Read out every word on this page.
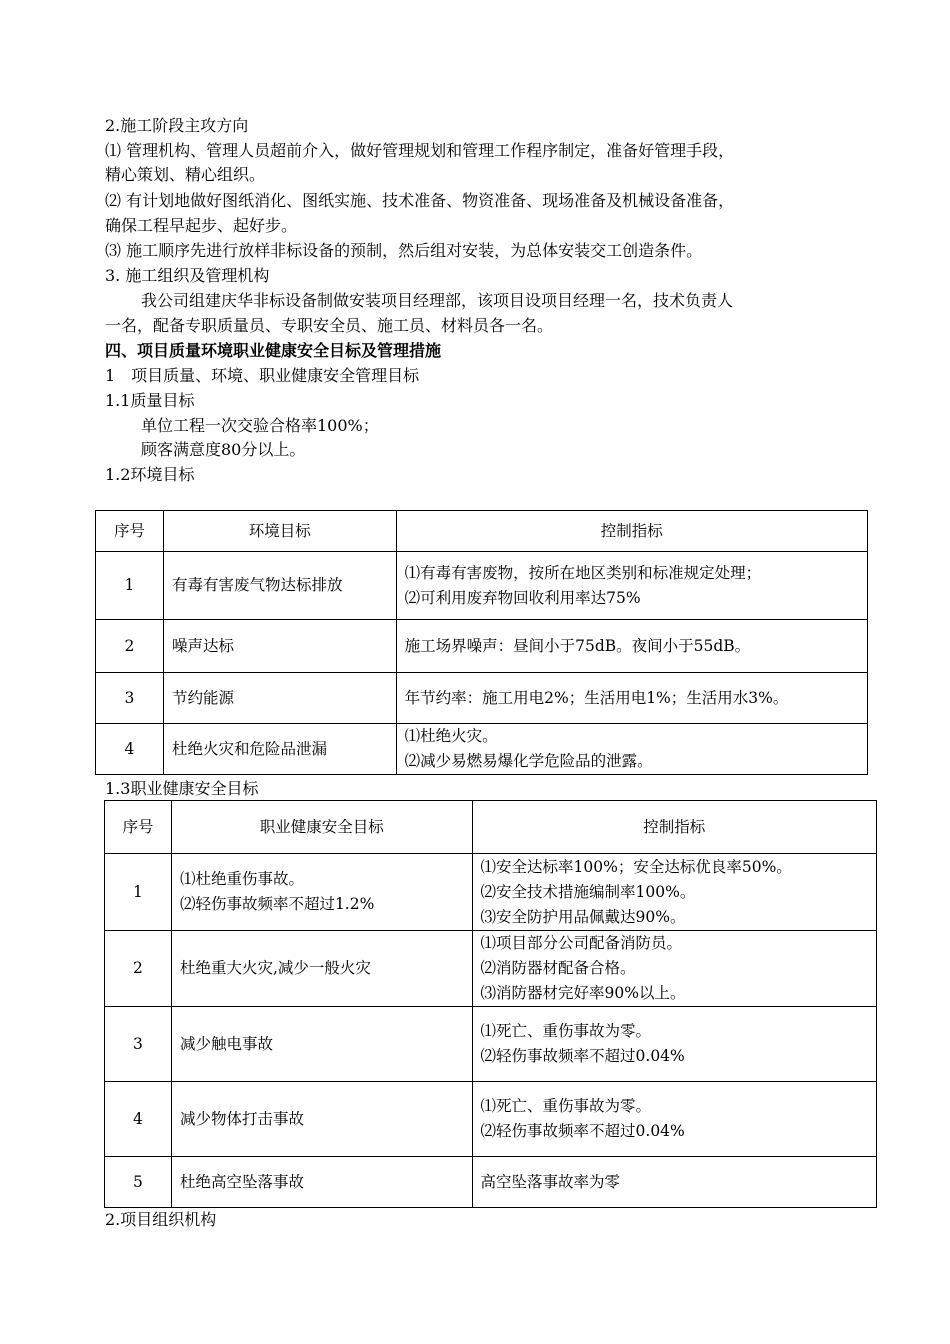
2.施工阶段主攻方向
⑴ 管理机构、管理人员超前介入，做好管理规划和管理工作程序制定，准备好管理手段，
精心策划、精心组织。
⑵ 有计划地做好图纸消化、图纸实施、技术准备、物资准备、现场准备及机械设备准备，
确保工程早起步、起好步。
⑶ 施工顺序先进行放样非标设备的预制，然后组对安装，为总体安装交工创造条件。
3. 施工组织及管理机构
我公司组建庆华非标设备制做安装项目经理部，该项目设项目经理一名，技术负责人
一名，配备专职质量员、专职安全员、施工员、材料员各一名。
四、项目质量环境职业健康安全目标及管理措施
1　项目质量、环境、职业健康安全管理目标
1.1质量目标
单位工程一次交验合格率100%；
顾客满意度80分以上。
1.2环境目标
序号	环境目标	控制指标
1	有毒有害废气物达标排放	⑴有毒有害废物，按所在地区类别和标准规定处理；
⑵可利用废弃物回收利用率达75%
2	噪声达标	施工场界噪声：昼间小于75dB。夜间小于55dB。
3	节约能源	年节约率：施工用电2%；生活用电1%；生活用水3%。
4	杜绝火灾和危险品泄漏	⑴杜绝火灾。
⑵减少易燃易爆化学危险品的泄露。
1.3职业健康安全目标
序号	职业健康安全目标	控制指标
1	⑴杜绝重伤事故。
⑵轻伤事故频率不超过1.2%	⑴安全达标率100%；安全达标优良率50%。
⑵安全技术措施编制率100%。
⑶安全防护用品佩戴达90%。
2	杜绝重大火灾,减少一般火灾	⑴项目部分公司配备消防员。
⑵消防器材配备合格。
⑶消防器材完好率90%以上。
3	减少触电事故	⑴死亡、重伤事故为零。
⑵轻伤事故频率不超过0.04%
4	减少物体打击事故	⑴死亡、重伤事故为零。
⑵轻伤事故频率不超过0.04%
5	杜绝高空坠落事故	高空坠落事故率为零
2.项目组织机构
